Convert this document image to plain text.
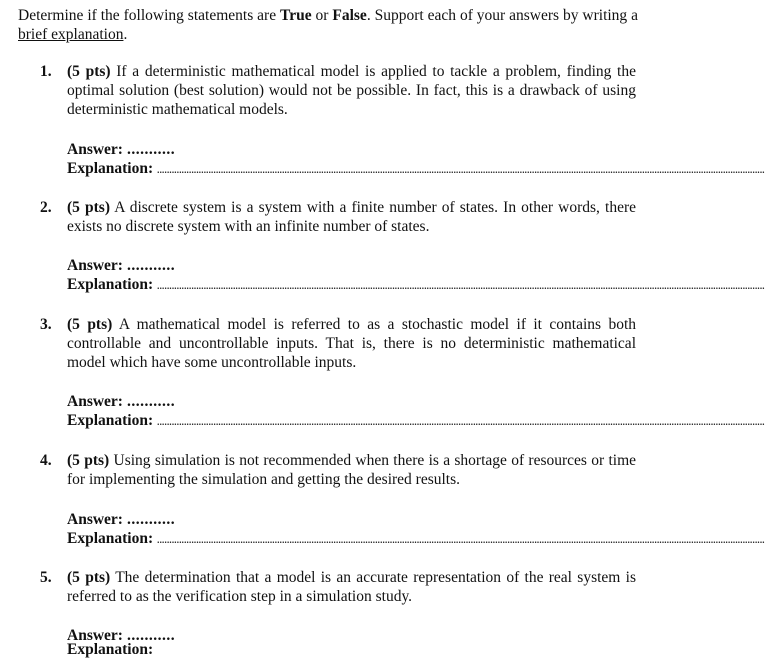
Determine if the following statements are True or False. Support each of your answers by writing a brief explanation.
1. (5 pts) If a deterministic mathematical model is applied to tackle a problem, finding the optimal solution (best solution) would not be possible. In fact, this is a drawback of using deterministic mathematical models.
Answer: ...........
Explanation: ........................................................................................................................................................................................................................................................
2. (5 pts) A discrete system is a system with a finite number of states. In other words, there exists no discrete system with an infinite number of states.
Answer: ...........
Explanation: ........................................................................................................................................................................................................................................................
3. (5 pts) A mathematical model is referred to as a stochastic model if it contains both controllable and uncontrollable inputs. That is, there is no deterministic mathematical model which have some uncontrollable inputs.
Answer: ...........
Explanation: ........................................................................................................................................................................................................................................................
4. (5 pts) Using simulation is not recommended when there is a shortage of resources or time for implementing the simulation and getting the desired results.
Answer: ...........
Explanation: ........................................................................................................................................................................................................................................................
5. (5 pts) The determination that a model is an accurate representation of the real system is referred to as the verification step in a simulation study.
Answer: ...........
Explanation:
